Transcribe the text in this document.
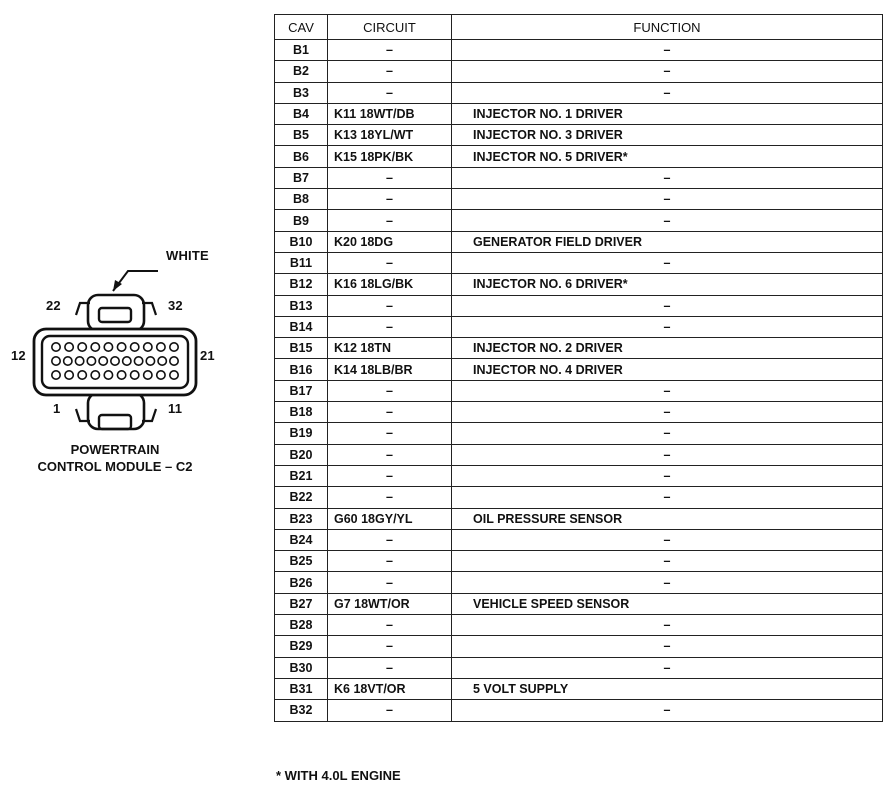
WHITE
22	32
12	21
1	11
POWERTRAIN
CONTROL MODULE – C2
CAV	CIRCUIT	FUNCTION
B1	–	–
B2	–	–
B3	–	–
B4	K11 18WT/DB	INJECTOR NO. 1 DRIVER
B5	K13 18YL/WT	INJECTOR NO. 3 DRIVER
B6	K15 18PK/BK	INJECTOR NO. 5 DRIVER*
B7	–	–
B8	–	–
B9	–	–
B10	K20 18DG	GENERATOR FIELD DRIVER
B11	–	–
B12	K16 18LG/BK	INJECTOR NO. 6 DRIVER*
B13	–	–
B14	–	–
B15	K12 18TN	INJECTOR NO. 2 DRIVER
B16	K14 18LB/BR	INJECTOR NO. 4 DRIVER
B17	–	–
B18	–	–
B19	–	–
B20	–	–
B21	–	–
B22	–	–
B23	G60 18GY/YL	OIL PRESSURE SENSOR
B24	–	–
B25	–	–
B26	–	–
B27	G7 18WT/OR	VEHICLE SPEED SENSOR
B28	–	–
B29	–	–
B30	–	–
B31	K6 18VT/OR	5 VOLT SUPPLY
B32	–	–
* WITH 4.0L ENGINE
